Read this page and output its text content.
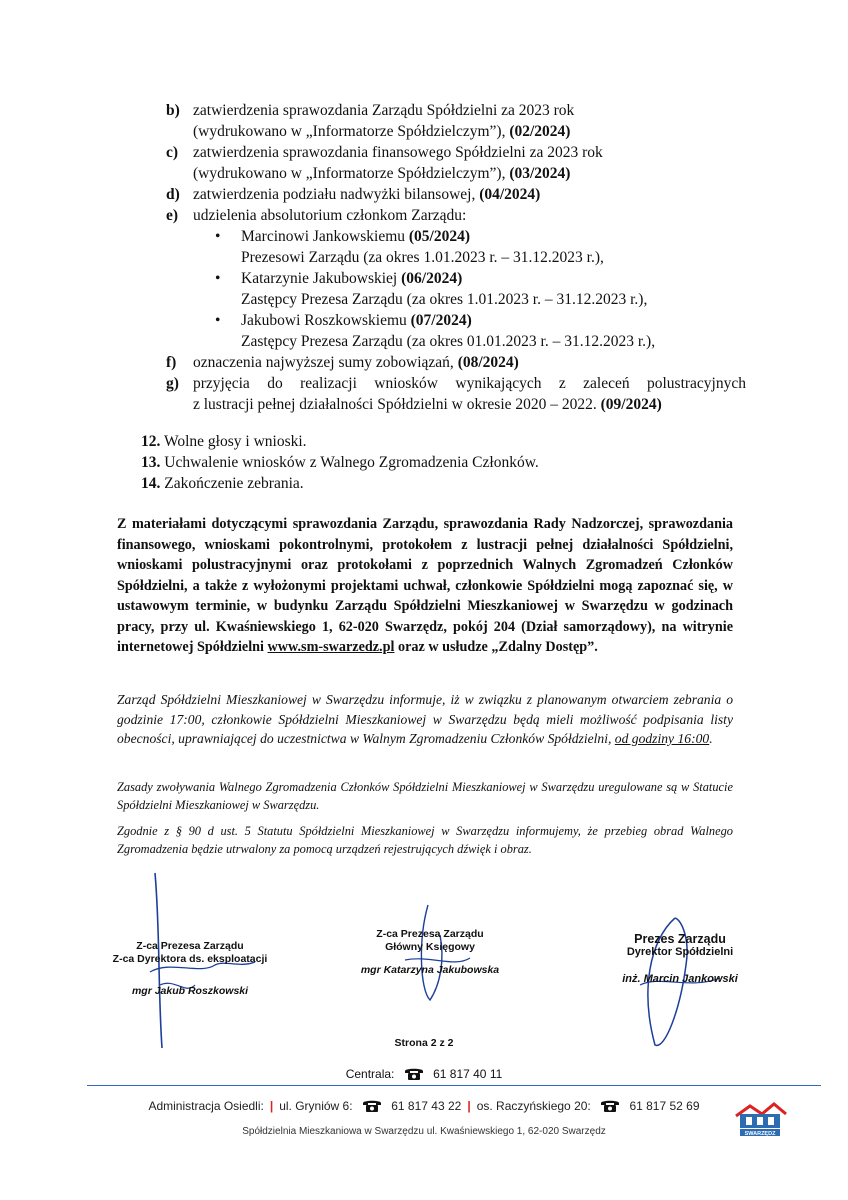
b) zatwierdzenia sprawozdania Zarządu Spółdzielni za 2023 rok
(wydrukowano w „Informatorze Spółdzielczym”), (02/2024)
c) zatwierdzenia sprawozdania finansowego Spółdzielni za 2023 rok
(wydrukowano w „Informatorze Spółdzielczym”), (03/2024)
d) zatwierdzenia podziału nadwyżki bilansowej, (04/2024)
e) udzielenia absolutorium członkom Zarządu:
• Marcinowi Jankowskiemu (05/2024)
Prezesowi Zarządu (za okres 1.01.2023 r. – 31.12.2023 r.),
• Katarzynie Jakubowskiej (06/2024)
Zastępcy Prezesa Zarządu (za okres 1.01.2023 r. – 31.12.2023 r.),
• Jakubowi Roszkowskiemu (07/2024)
Zastępcy Prezesa Zarządu (za okres 01.01.2023 r. – 31.12.2023 r.),
f) oznaczenia najwyższej sumy zobowiązań, (08/2024)
g) przyjęcia do realizacji wniosków wynikających z zaleceń polustracyjnych
z lustracji pełnej działalności Spółdzielni w okresie 2020 – 2022. (09/2024)
12. Wolne głosy i wnioski.
13. Uchwalenie wniosków z Walnego Zgromadzenia Członków.
14. Zakończenie zebrania.
Z materiałami dotyczącymi sprawozdania Zarządu, sprawozdania Rady Nadzorczej, sprawozdania finansowego, wnioskami pokontrolnymi, protokołem z lustracji pełnej działalności Spółdzielni, wnioskami polustracyjnymi oraz protokołami z poprzednich Walnych Zgromadzeń Członków Spółdzielni, a także z wyłożonymi projektami uchwał, członkowie Spółdzielni mogą zapoznać się, w ustawowym terminie, w budynku Zarządu Spółdzielni Mieszkaniowej w Swarzędzu w godzinach pracy, przy ul. Kwaśniewskiego 1, 62-020 Swarzędz, pokój 204 (Dział samorządowy), na witrynie internetowej Spółdzielni www.sm-swarzedz.pl oraz w usłudze „Zdalny Dostęp”.
Zarząd Spółdzielni Mieszkaniowej w Swarzędzu informuje, iż w związku z planowanym otwarciem zebrania o godzinie 17:00, członkowie Spółdzielni Mieszkaniowej w Swarzędzu będą mieli możliwość podpisania listy obecności, uprawniającej do uczestnictwa w Walnym Zgromadzeniu Członków Spółdzielni, od godziny 16:00.
Zasady zwoływania Walnego Zgromadzenia Członków Spółdzielni Mieszkaniowej w Swarzędzu uregulowane są w Statucie Spółdzielni Mieszkaniowej w Swarzędzu.
Zgodnie z § 90 d ust. 5 Statutu Spółdzielni Mieszkaniowej w Swarzędzu informujemy, że przebieg obrad Walnego Zgromadzenia będzie utrwalony za pomocą urządzeń rejestrujących dźwięk i obraz.
Z-ca Prezesa Zarządu
Z-ca Dyrektora ds. eksploatacji
mgr Jakub Roszkowski
Z-ca Prezesa Zarządu
Główny Księgowy
mgr Katarzyna Jakubowska
Prezes Zarządu
Dyrektor Spółdzielni
inż. Marcin Jankowski
Strona 2 z 2
Centrala:	61 817 40 11
Administracja Osiedli: | ul. Gryniów 6:	61 817 43 22 | os. Raczyńskiego 20:	61 817 52 69
Spółdzielnia Mieszkaniowa w Swarzędzu ul. Kwaśniewskiego 1, 62-020 Swarzędz	SWARZĘDZ
